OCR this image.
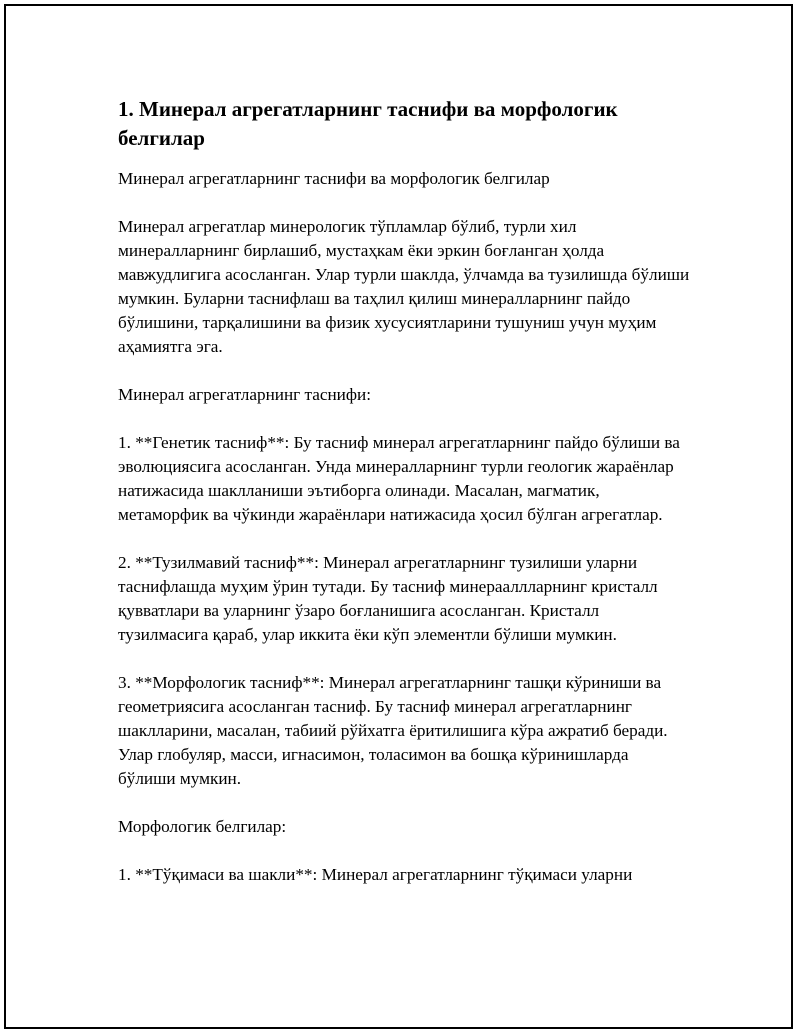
1. Минерал агрегатларнинг таснифи ва морфологик белгилар

Минерал агрегатларнинг таснифи ва морфологик белгилар

Минерал агрегатлар минерологик тўпламлар бўлиб, турли хил минералларнинг бирлашиб, мустаҳкам ёки эркин боғланган ҳолда мавжудлигига асосланган. Улар турли шаклда, ўлчамда ва тузилишда бўлиши мумкин. Буларни таснифлаш ва таҳлил қилиш минералларнинг пайдо бўлишини, тарқалишини ва физик хусусиятларини тушуниш учун муҳим аҳамиятга эга.

Минерал агрегатларнинг таснифи:

1. **Генетик тасниф**: Бу тасниф минерал агрегатларнинг пайдо бўлиши ва эволюциясига асосланган. Унда минералларнинг турли геологик жараёнлар натижасида шаклланиши эътиборга олинади. Масалан, магматик, метаморфик ва чўкинди жараёнлари натижасида ҳосил бўлган агрегатлар.

2. **Тузилмавий тасниф**: Минерал агрегатларнинг тузилиши уларни таснифлашда муҳим ўрин тутади. Бу тасниф минерааллларнинг кристалл қувватлари ва уларнинг ўзаро боғланишига асосланган. Кристалл тузилмасига қараб, улар иккита ёки кўп элементли бўлиши мумкин.

3. **Морфологик тасниф**: Минерал агрегатларнинг ташқи кўриниши ва геометриясига асосланган тасниф. Бу тасниф минерал агрегатларнинг шаклларини, масалан, табиий рўйхатга ёритилишига кўра ажратиб беради. Улар глобуляр, масси, игнасимон, толасимон ва бошқа кўринишларда бўлиши мумкин.

Морфологик белгилар:

1. **Тўқимаси ва шакли**: Минерал агрегатларнинг тўқимаси уларни
